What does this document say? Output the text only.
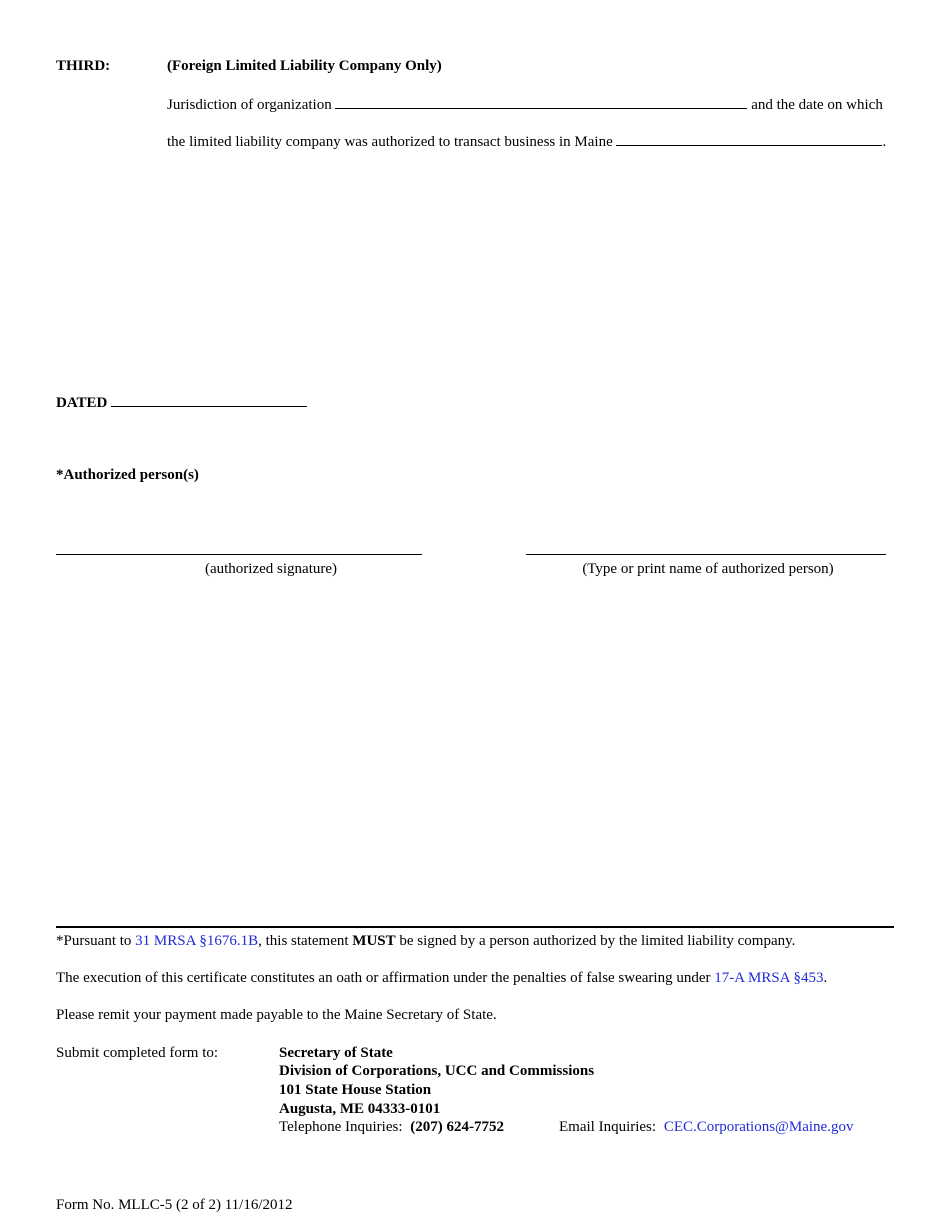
THIRD:	(Foreign Limited Liability Company Only)
Jurisdiction of organization	and the date on which
the limited liability company was authorized to transact business in Maine	.
DATED
*Authorized person(s)
(authorized signature)	(Type or print name of authorized person)
*Pursuant to 31 MRSA §1676.1B, this statement MUST be signed by a person authorized by the limited liability company.
The execution of this certificate constitutes an oath or affirmation under the penalties of false swearing under 17-A MRSA §453.
Please remit your payment made payable to the Maine Secretary of State.
Submit completed form to:	Secretary of State
Division of Corporations, UCC and Commissions
101 State House Station
Augusta, ME 04333-0101
Telephone Inquiries: (207) 624-7752	Email Inquiries: CEC.Corporations@Maine.gov
Form No. MLLC-5 (2 of 2) 11/16/2012
